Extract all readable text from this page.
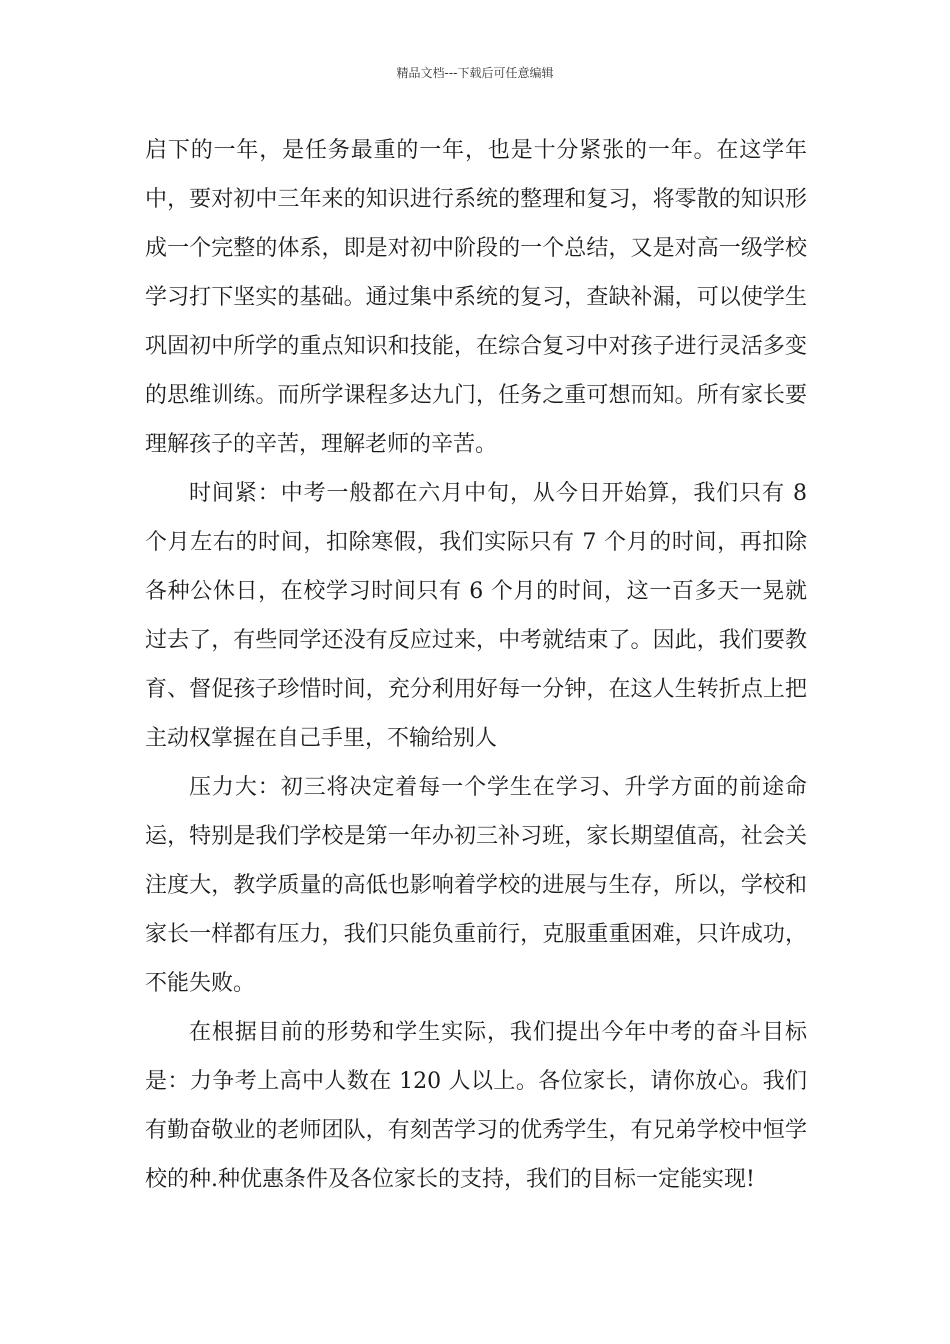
精品文档---下载后可任意编辑

启下的一年，是任务最重的一年，也是十分紧张的一年。在这学年中，要对初中三年来的知识进行系统的整理和复习，将零散的知识形成一个完整的体系，即是对初中阶段的一个总结，又是对高一级学校学习打下坚实的基础。通过集中系统的复习，查缺补漏，可以使学生巩固初中所学的重点知识和技能，在综合复习中对孩子进行灵活多变的思维训练。而所学课程多达九门，任务之重可想而知。所有家长要理解孩子的辛苦，理解老师的辛苦。

时间紧：中考一般都在六月中旬，从今日开始算，我们只有 8 个月左右的时间，扣除寒假，我们实际只有 7 个月的时间，再扣除各种公休日，在校学习时间只有 6 个月的时间，这一百多天一晃就过去了，有些同学还没有反应过来，中考就结束了。因此，我们要教育、督促孩子珍惜时间，充分利用好每一分钟，在这人生转折点上把主动权掌握在自己手里，不输给别人

压力大：初三将决定着每一个学生在学习、升学方面的前途命运，特别是我们学校是第一年办初三补习班，家长期望值高，社会关注度大，教学质量的高低也影响着学校的进展与生存，所以，学校和家长一样都有压力，我们只能负重前行，克服重重困难，只许成功，不能失败。

在根据目前的形势和学生实际，我们提出今年中考的奋斗目标是：力争考上高中人数在 120 人以上。各位家长，请你放心。我们有勤奋敬业的老师团队，有刻苦学习的优秀学生，有兄弟学校中恒学校的种.种优惠条件及各位家长的支持，我们的目标一定能实现!
